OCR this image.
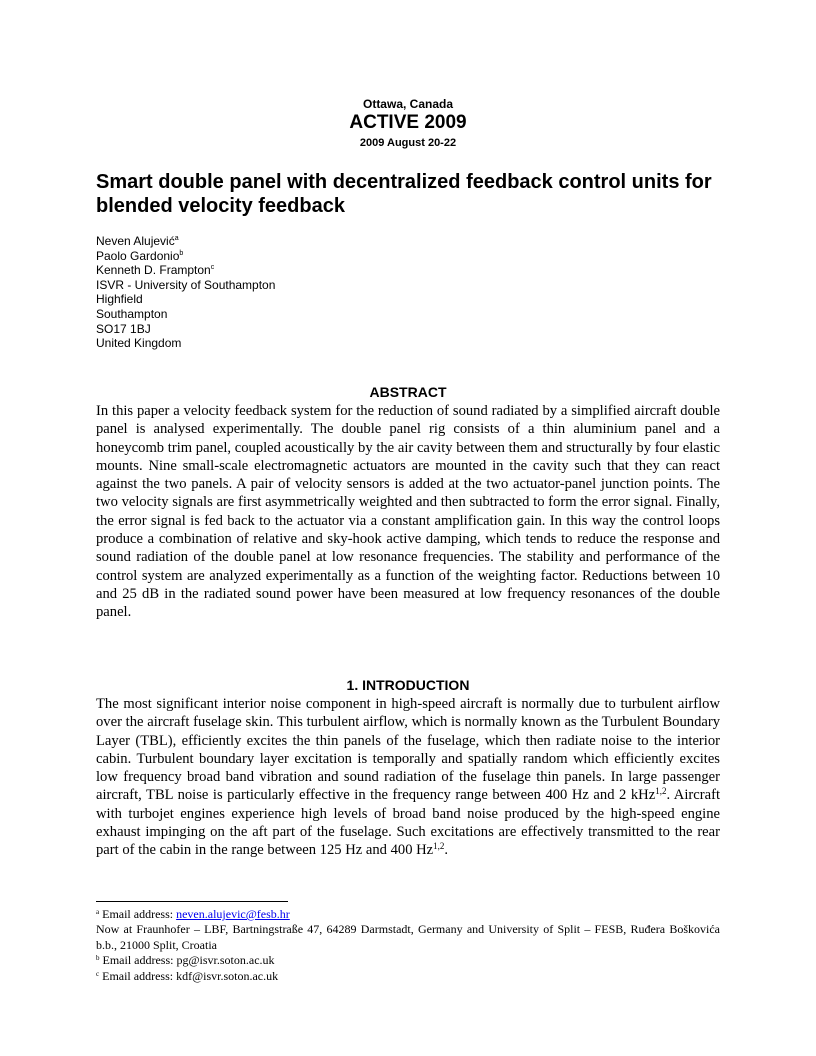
Ottawa, Canada
ACTIVE 2009
2009 August 20-22
Smart double panel with decentralized feedback control units for blended velocity feedback
Neven Alujević$^a$
Paolo Gardonio$^b$
Kenneth D. Frampton$^c$
ISVR - University of Southampton
Highfield
Southampton
SO17 1BJ
United Kingdom
ABSTRACT

In this paper a velocity feedback system for the reduction of sound radiated by a simplified aircraft double panel is analysed experimentally. The double panel rig consists of a thin aluminium panel and a honeycomb trim panel, coupled acoustically by the air cavity between them and structurally by four elastic mounts. Nine small-scale electromagnetic actuators are mounted in the cavity such that they can react against the two panels. A pair of velocity sensors is added at the two actuator-panel junction points. The two velocity signals are first asymmetrically weighted and then subtracted to form the error signal. Finally, the error signal is fed back to the actuator via a constant amplification gain. In this way the control loops produce a combination of relative and sky-hook active damping, which tends to reduce the response and sound radiation of the double panel at low resonance frequencies. The stability and performance of the control system are analyzed experimentally as a function of the weighting factor. Reductions between 10 and 25 dB in the radiated sound power have been measured at low frequency resonances of the double panel.

1. INTRODUCTION

The most significant interior noise component in high-speed aircraft is normally due to turbulent airflow over the aircraft fuselage skin. This turbulent airflow, which is normally known as the Turbulent Boundary Layer (TBL), efficiently excites the thin panels of the fuselage, which then radiate noise to the interior cabin. Turbulent boundary layer excitation is temporally and spatially random which efficiently excites low frequency broad band vibration and sound radiation of the fuselage thin panels. In large passenger aircraft, TBL noise is particularly effective in the frequency range between 400 Hz and 2 kHz$^{1,2}$. Aircraft with turbojet engines experience high levels of broad band noise produced by the high-speed engine exhaust impinging on the aft part of the fuselage. Such excitations are effectively transmitted to the rear part of the cabin in the range between 125 Hz and 400 Hz$^{1,2}$.

$^a$ Email address: neven.alujevic@fesb.hr
Now at Fraunhofer – LBF, Bartningstraße 47, 64289 Darmstadt, Germany and University of Split – FESB, Ruđera Boškovića b.b., 21000 Split, Croatia
$^b$ Email address: pg@isvr.soton.ac.uk
$^c$ Email address: kdf@isvr.soton.ac.uk
